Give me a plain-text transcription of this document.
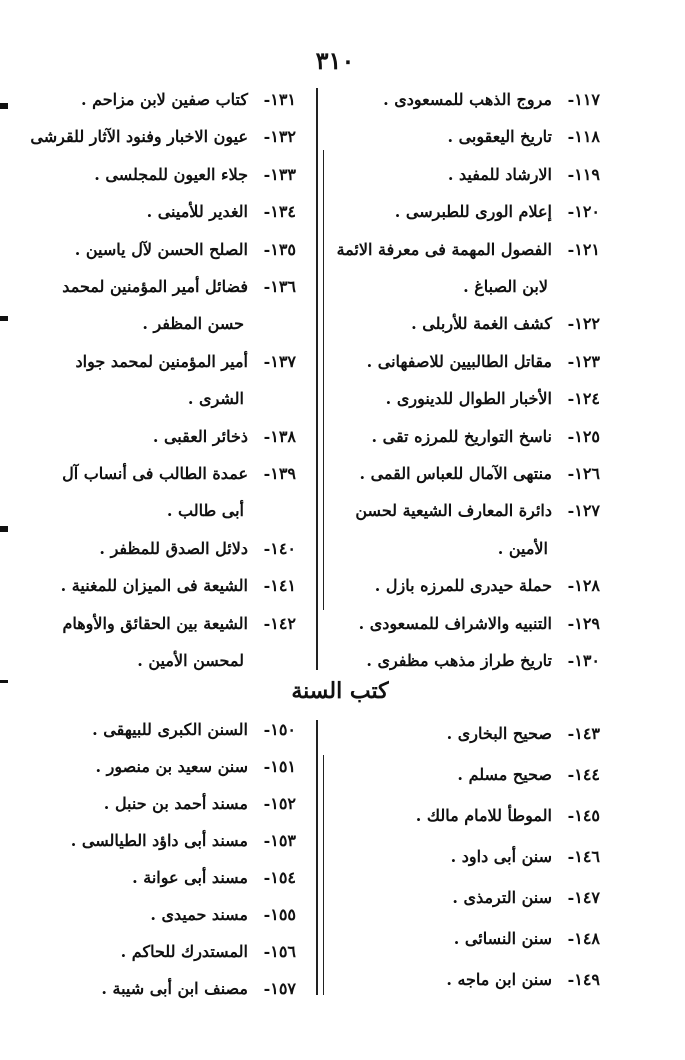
٣١٠
١١٧-مروج الذهب للمسعودى .
١١٨-تاريخ اليعقوبى .
١١٩-الارشاد للمفيد .
١٢٠-إعلام الورى للطبرسى .
١٢١-الفصول المهمة فى معرفة الائمة
لابن الصباغ .
١٢٢-كشف الغمة للأربلى .
١٢٣-مقاتل الطالبيين للاصفهانى .
١٢٤-الأخبار الطوال للدينورى .
١٢٥-ناسخ التواريخ للمرزه تقى .
١٢٦-منتهى الآمال للعباس القمى .
١٢٧-دائرة المعارف الشيعية لحسن
الأمين .
١٢٨-حملة حيدرى للمرزه بازل .
١٢٩-التنبيه والاشراف للمسعودى .
١٣٠-تاريخ طراز مذهب مظفرى .
١٣١-كتاب صفين لابن مزاحم .
١٣٢-عيون الاخبار وفنود الآثار للقرشى
١٣٣-جلاء العيون للمجلسى .
١٣٤-الغدير للأمينى .
١٣٥-الصلح الحسن لآل ياسين .
١٣٦-فضائل أمير المؤمنين لمحمد
حسن المظفر .
١٣٧-أمير المؤمنين لمحمد جواد
الشرى .
١٣٨-ذخائر العقبى .
١٣٩-عمدة الطالب فى أنساب آل
أبى طالب .
١٤٠-دلائل الصدق للمظفر .
١٤١-الشيعة فى الميزان للمغنية .
١٤٢-الشيعة بين الحقائق والأوهام
لمحسن الأمين .
كتب السنة
١٤٣-صحيح البخارى .
١٤٤-صحيح مسلم .
١٤٥-الموطأ للامام مالك .
١٤٦-سنن أبى داود .
١٤٧-سنن الترمذى .
١٤٨-سنن النسائى .
١٤٩-سنن ابن ماجه .
١٥٠-السنن الكبرى للبيهقى .
١٥١-سنن سعيد بن منصور .
١٥٢-مسند أحمد بن حنبل .
١٥٣-مسند أبى داؤد الطيالسى .
١٥٤-مسند أبى عوانة .
١٥٥-مسند حميدى .
١٥٦-المستدرك للحاكم .
١٥٧-مصنف ابن أبى شيبة .
